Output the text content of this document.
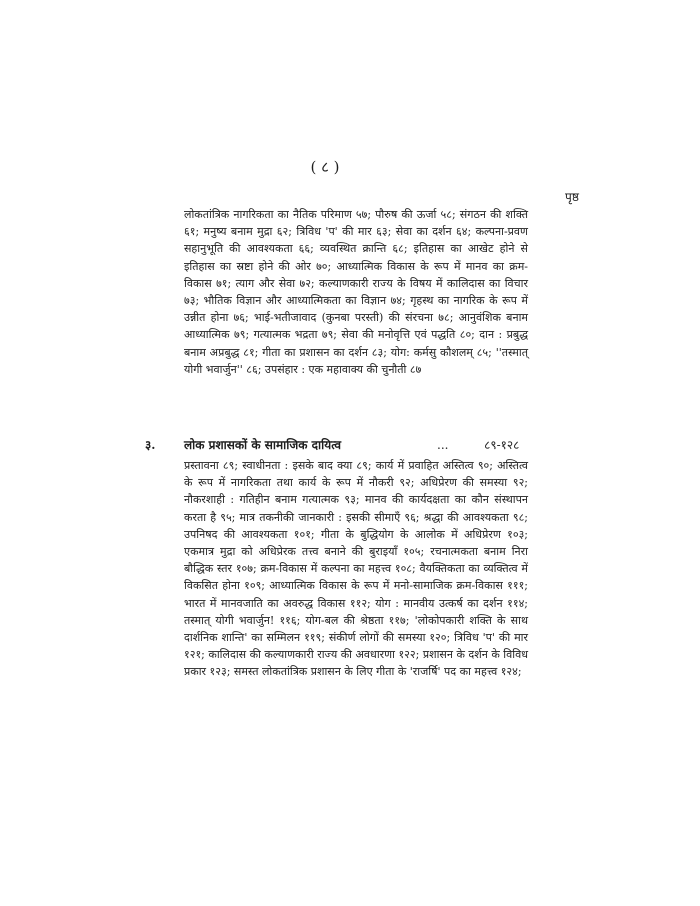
( ८ )

पृष्ठ

लोकतांत्रिक नागरिकता का नैतिक परिमाण ५७; पौरुष की ऊर्जा ५८; संगठन की शक्ति ६१; मनुष्य बनाम मुद्रा ६२; त्रिविध 'प' की मार ६३; सेवा का दर्शन ६४; कल्पना-प्रवण सहानुभूति की आवश्यकता ६६; व्यवस्थित क्रान्ति ६८; इतिहास का आखेट होने से इतिहास का स्रष्टा होने की ओर ७०; आध्यात्मिक विकास के रूप में मानव का क्रम-विकास ७१; त्याग और सेवा ७२; कल्याणकारी राज्य के विषय में कालिदास का विचार ७३; भौतिक विज्ञान और आध्यात्मिकता का विज्ञान ७४; गृहस्थ का नागरिक के रूप में उन्नीत होना ७६; भाई-भतीजावाद (कुनबा परस्ती) की संरचना ७८; आनुवंशिक बनाम आध्यात्मिक ७९; गत्यात्मक भद्रता ७९; सेवा की मनोवृत्ति एवं पद्धति ८०; दान : प्रबुद्ध बनाम अप्रबुद्ध ८१; गीता का प्रशासन का दर्शन ८३; योग: कर्मसु कौशलम् ८५; ''तस्मात् योगी भवार्जुन'' ८६; उपसंहार : एक महावाक्य की चुनौती ८७

३. लोक प्रशासकों के सामाजिक दायित्व	...	८९-१२८

प्रस्तावना ८९; स्वाधीनता : इसके बाद क्या ८९; कार्य में प्रवाहित अस्तित्व ९०; अस्तित्व के रूप में नागरिकता तथा कार्य के रूप में नौकरी ९२; अधिप्रेरण की समस्या ९२; नौकरशाही : गतिहीन बनाम गत्यात्मक ९३; मानव की कार्यदक्षता का कौन संस्थापन करता है ९५; मात्र तकनीकी जानकारी : इसकी सीमाएँ ९६; श्रद्धा की आवश्यकता ९८; उपनिषद की आवश्यकता १०१; गीता के बुद्धियोग के आलोक में अधिप्रेरण १०३; एकमात्र मुद्रा को अधिप्रेरक तत्त्व बनाने की बुराइयाँ १०५; रचनात्मकता बनाम निरा बौद्धिक स्तर १०७; क्रम-विकास में कल्पना का महत्त्व १०८; वैयक्तिकता का व्यक्तित्व में विकसित होना १०९; आध्यात्मिक विकास के रूप में मनो-सामाजिक क्रम-विकास १११; भारत में मानवजाति का अवरुद्ध विकास ११२; योग : मानवीय उत्कर्ष का दर्शन ११४; तस्मात् योगी भवार्जुन! ११६; योग-बल की श्रेष्ठता ११७; 'लोकोपकारी शक्ति के साथ दार्शनिक शान्ति' का सम्मिलन ११९; संकीर्ण लोगों की समस्या १२०; त्रिविध 'प' की मार १२१; कालिदास की कल्याणकारी राज्य की अवधारणा १२२; प्रशासन के दर्शन के विविध प्रकार १२३; समस्त लोकतांत्रिक प्रशासन के लिए गीता के 'राजर्षि' पद का महत्त्व १२४;
